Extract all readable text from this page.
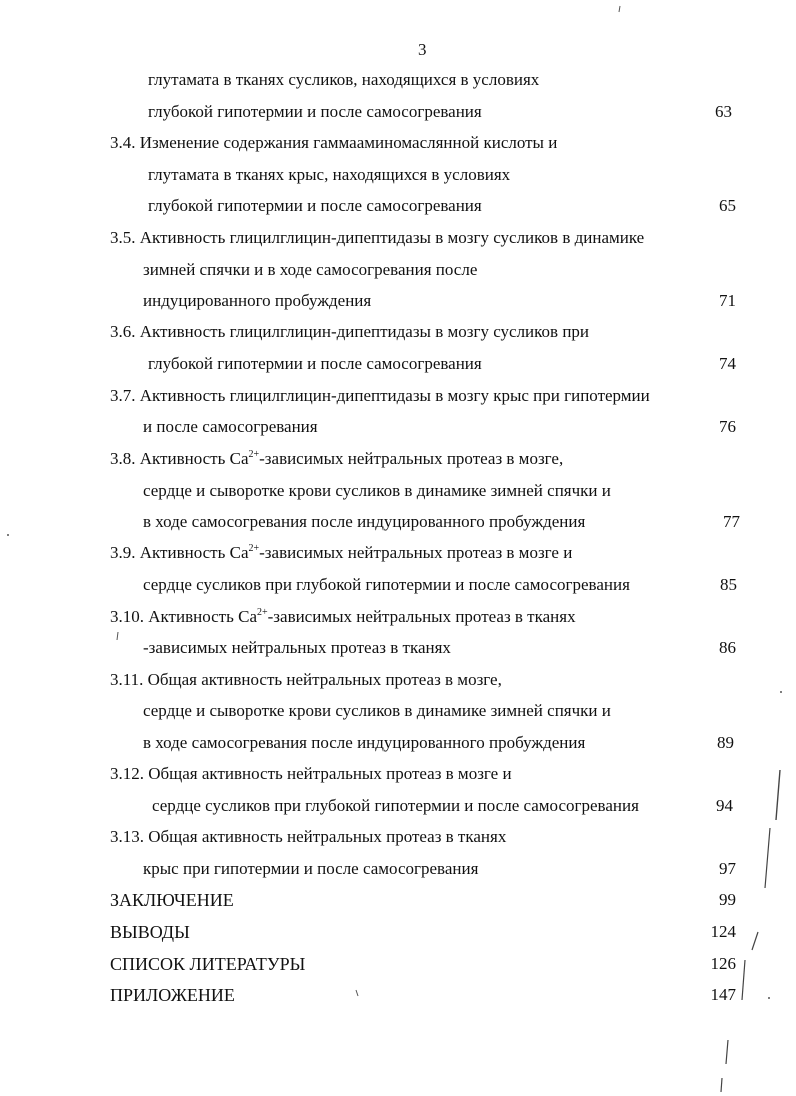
3
глутамата в тканях сусликов, находящихся в условиях
глубокой гипотермии и после самосогревания	63
3.4. Изменение содержания гаммааминомаслянной кислоты и
глутамата в тканях крыс, находящихся в условиях
глубокой гипотермии и после самосогревания	65
3.5. Активность глицилглицин-дипептидазы в мозгу сусликов в динамике
зимней спячки и в ходе самосогревания после
индуцированного пробуждения	71
3.6. Активность глицилглицин-дипептидазы в мозгу сусликов при
глубокой гипотермии и после самосогревания	74
3.7. Активность глицилглицин-дипептидазы в мозгу крыс при гипотермии
и после самосогревания	76
3.8. Активность $Ca^{2+}$-зависимых нейтральных протеаз в мозге,
сердце и сыворотке крови сусликов в динамике зимней спячки и
в ходе самосогревания после индуцированного пробуждения	77
3.9. Активность $Ca^{2+}$-зависимых нейтральных протеаз в мозге и
сердце сусликов при глубокой гипотермии и после самосогревания	85
3.10. Активность $Ca^{2+}$-зависимых нейтральных протеаз в тканях
-зависимых нейтральных протеаз в тканях	86
3.11. Общая активность нейтральных протеаз в мозге,
сердце и сыворотке крови сусликов в динамике зимней спячки и
в ходе самосогревания после индуцированного пробуждения	89
3.12. Общая активность нейтральных протеаз в мозге и
сердце сусликов при глубокой гипотермии и после самосогревания	94
3.13. Общая активность нейтральных протеаз в тканях
крыс при гипотермии и после самосогревания	97
ЗАКЛЮЧЕНИЕ	99
ВЫВОДЫ	124
СПИСОК ЛИТЕРАТУРЫ	126
ПРИЛОЖЕНИЕ	147
